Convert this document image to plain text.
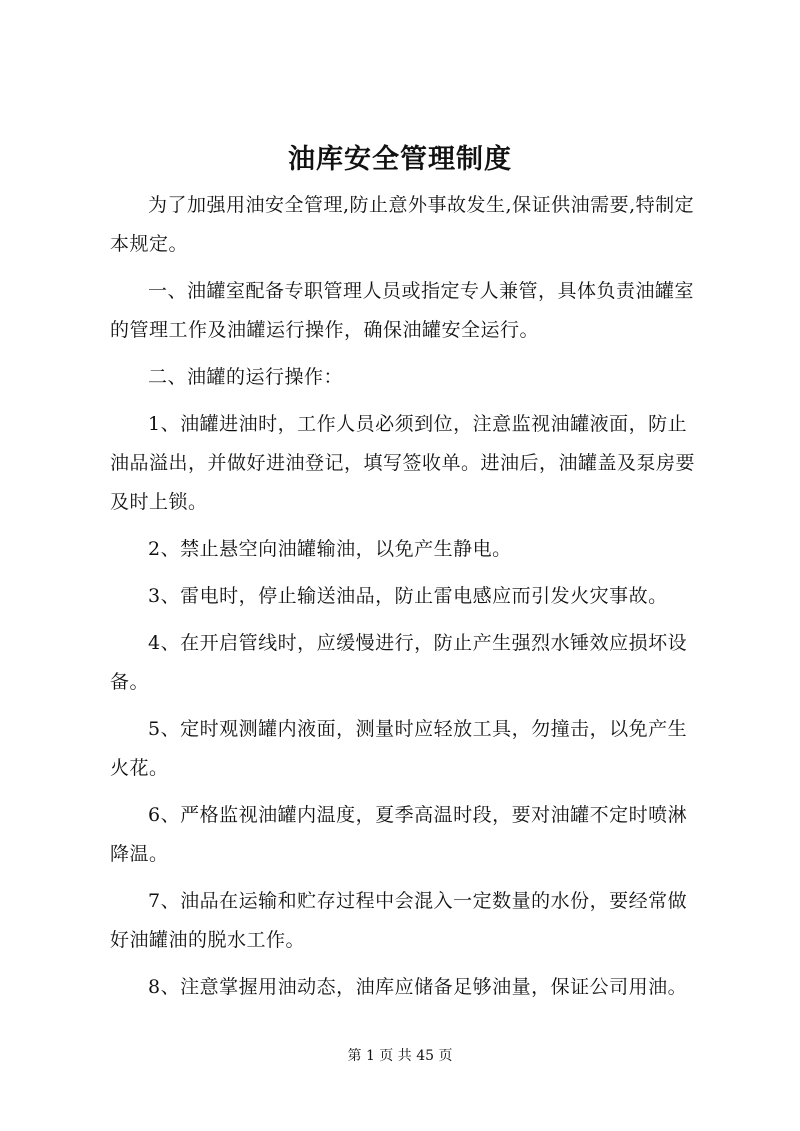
油库安全管理制度

为了加强用油安全管理,防止意外事故发生,保证供油需要,特制定本规定。

一、油罐室配备专职管理人员或指定专人兼管，具体负责油罐室的管理工作及油罐运行操作，确保油罐安全运行。

二、油罐的运行操作：

1、油罐进油时，工作人员必须到位，注意监视油罐液面，防止油品溢出，并做好进油登记，填写签收单。进油后，油罐盖及泵房要及时上锁。

2、禁止悬空向油罐输油，以免产生静电。

3、雷电时，停止输送油品，防止雷电感应而引发火灾事故。

4、在开启管线时，应缓慢进行，防止产生强烈水锤效应损坏设备。

5、定时观测罐内液面，测量时应轻放工具，勿撞击，以免产生火花。

6、严格监视油罐内温度，夏季高温时段，要对油罐不定时喷淋降温。

7、油品在运输和贮存过程中会混入一定数量的水份，要经常做好油罐油的脱水工作。

8、注意掌握用油动态，油库应储备足够油量，保证公司用油。

第 1 页 共 45 页
